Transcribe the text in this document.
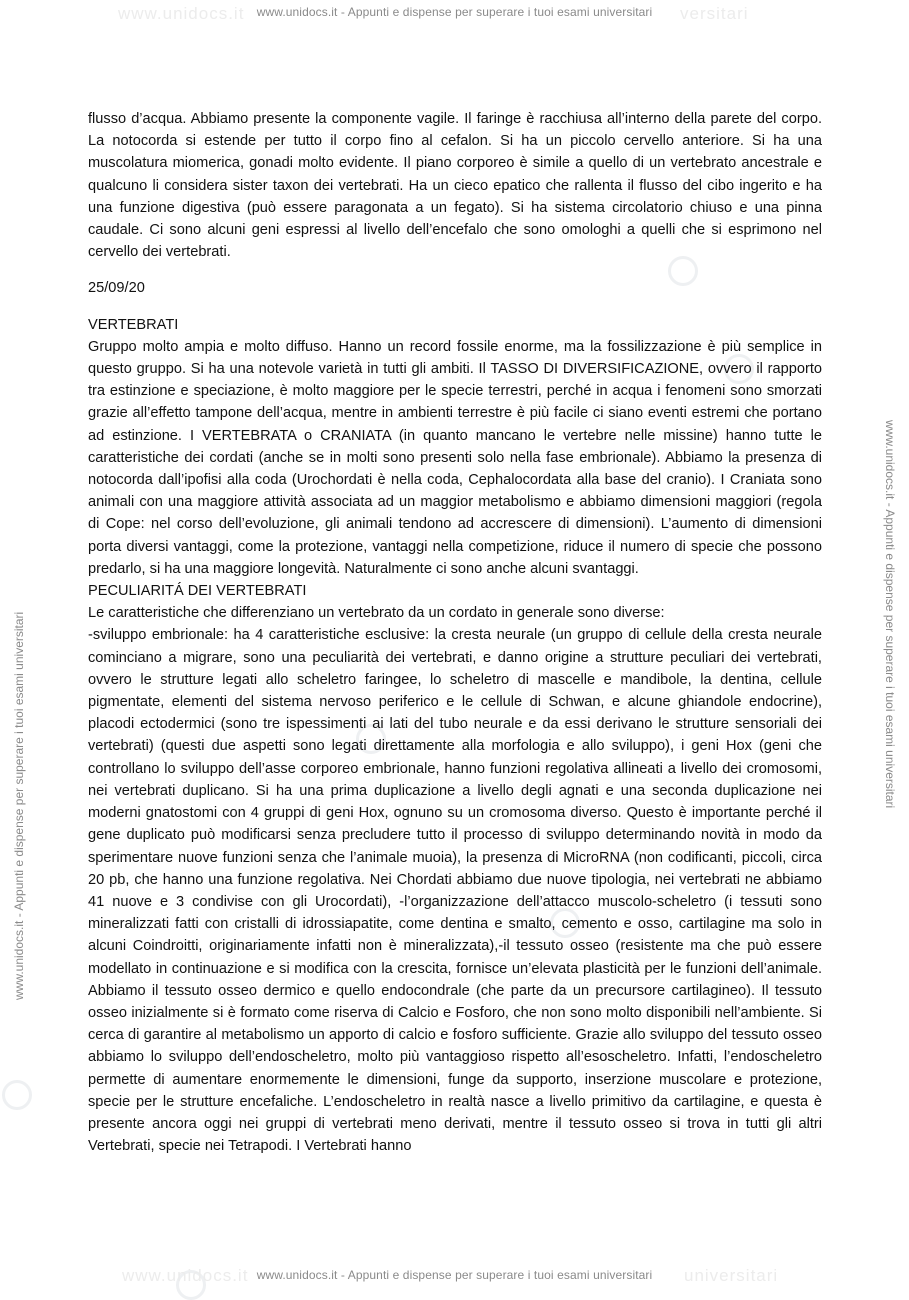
www.unidocs.it	versitari
www.unidocs.it - Appunti e dispense per superare i tuoi esami universitari
www.unidocs.it - Appunti e dispense per superare i tuoi esami universitari	www.unidocs.it - Appunti e dispense per superare i tuoi esami universitari

flusso d’acqua. Abbiamo presente la componente vagile. Il faringe è racchiusa all’interno della parete del corpo. La notocorda si estende per tutto il corpo fino al cefalon. Si ha un piccolo cervello anteriore. Si ha una muscolatura miomerica, gonadi molto evidente. Il piano corporeo è simile a quello di un vertebrato ancestrale e qualcuno li considera sister taxon dei vertebrati. Ha un cieco epatico che rallenta il flusso del cibo ingerito e ha una funzione digestiva (può essere paragonata a un fegato). Si ha sistema circolatorio chiuso e una pinna caudale. Ci sono alcuni geni espressi al livello dell’encefalo che sono omologhi a quelli che si esprimono nel cervello dei vertebrati.

25/09/20

VERTEBRATI

Gruppo molto ampia e molto diffuso. Hanno un record fossile enorme, ma la fossilizzazione è più semplice in questo gruppo. Si ha una notevole varietà in tutti gli ambiti. Il TASSO DI DIVERSIFICAZIONE, ovvero il rapporto tra estinzione e speciazione, è molto maggiore per le specie terrestri, perché in acqua i fenomeni sono smorzati grazie all’effetto tampone dell’acqua, mentre in ambienti terrestre è più facile ci siano eventi estremi che portano ad estinzione. I VERTEBRATA o CRANIATA (in quanto mancano le vertebre nelle missine) hanno tutte le caratteristiche dei cordati (anche se in molti sono presenti solo nella fase embrionale). Abbiamo la presenza di notocorda dall’ipofisi alla coda (Urochordati è nella coda, Cephalocordata alla base del cranio). I Craniata sono animali con una maggiore attività associata ad un maggior metabolismo e abbiamo dimensioni maggiori (regola di Cope: nel corso dell’evoluzione, gli animali tendono ad accrescere di dimensioni). L’aumento di dimensioni porta diversi vantaggi, come la protezione, vantaggi nella competizione, riduce il numero di specie che possono predarlo, si ha una maggiore longevità. Naturalmente ci sono anche alcuni svantaggi.

PECULIARITÁ DEI VERTEBRATI

Le caratteristiche che differenziano un vertebrato da un cordato in generale sono diverse:

-sviluppo embrionale: ha 4 caratteristiche esclusive: la cresta neurale (un gruppo di cellule della cresta neurale cominciano a migrare, sono una peculiarità dei vertebrati, e danno origine a strutture peculiari dei vertebrati, ovvero le strutture legati allo scheletro faringee, lo scheletro di mascelle e mandibole, la dentina, cellule pigmentate, elementi del sistema nervoso periferico e le cellule di Schwan, e alcune ghiandole endocrine), placodi ectodermici (sono tre ispessimenti ai lati del tubo neurale e da essi derivano le strutture sensoriali dei vertebrati) (questi due aspetti sono legati direttamente alla morfologia e allo sviluppo), i geni Hox (geni che controllano lo sviluppo dell’asse corporeo embrionale, hanno funzioni regolativa allineati a livello dei cromosomi, nei vertebrati duplicano. Si ha una prima duplicazione a livello degli agnati e una seconda duplicazione nei moderni gnatostomi con 4 gruppi di geni Hox, ognuno su un cromosoma diverso. Questo è importante perché il gene duplicato può modificarsi senza precludere tutto il processo di sviluppo determinando novità in modo da sperimentare nuove funzioni senza che l’animale muoia), la presenza di MicroRNA (non codificanti, piccoli, circa 20 pb, che hanno una funzione regolativa. Nei Chordati abbiamo due nuove tipologia, nei vertebrati ne abbiamo 41 nuove e 3 condivise con gli Urocordati), -l’organizzazione dell’attacco muscolo-scheletro (i tessuti sono mineralizzati fatti con cristalli di idrossiapatite, come dentina e smalto, cemento e osso, cartilagine ma solo in alcuni Coindroitti, originariamente infatti non è mineralizzata),-il tessuto osseo (resistente ma che può essere modellato in continuazione e si modifica con la crescita, fornisce un’elevata plasticità per le funzioni dell’animale. Abbiamo il tessuto osseo dermico e quello endocondrale (che parte da un precursore cartilagineo). Il tessuto osseo inizialmente si è formato come riserva di Calcio e Fosforo, che non sono molto disponibili nell’ambiente. Si cerca di garantire al metabolismo un apporto di calcio e fosforo sufficiente. Grazie allo sviluppo del tessuto osseo abbiamo lo sviluppo dell’endoscheletro, molto più vantaggioso rispetto all’esoscheletro. Infatti, l’endoscheletro permette di aumentare enormemente le dimensioni, funge da supporto, inserzione muscolare e protezione, specie per le strutture encefaliche. L’endoscheletro in realtà nasce a livello primitivo da cartilagine, e questa è presente ancora oggi nei gruppi di vertebrati meno derivati, mentre il tessuto osseo si trova in tutti gli altri Vertebrati, specie nei Tetrapodi. I Vertebrati hanno

www.unidocs.it	universitari
www.unidocs.it - Appunti e dispense per superare i tuoi esami universitari
